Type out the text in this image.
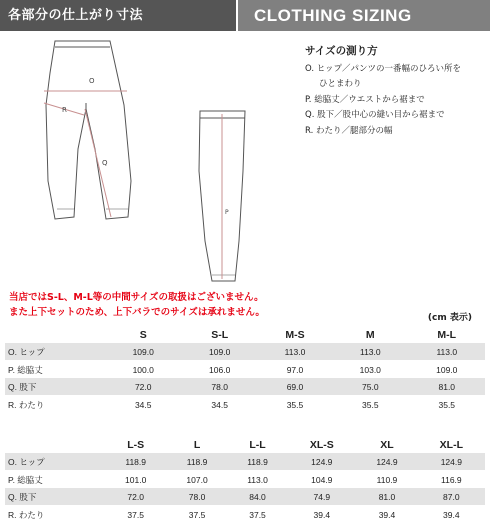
各部分の仕上がり寸法	CLOTHING SIZING
O
R
Q
P
サイズの測り方
O. ヒップ／パンツの一番幅のひろい所を
ひとまわり
P. 総脇丈／ウエストから裾まで
Q. 股下／股中心の縫い目から裾まで
R. わたり／腿部分の幅
当店ではS-L、M-L等の中間サイズの取扱はございません。
また上下セットのため、上下バラでのサイズは承れません。	(cm 表示)
	S	S-L	M-S	M	M-L
O. ヒップ	109.0	109.0	113.0	113.0	113.0
P. 総脇丈	100.0	106.0	97.0	103.0	109.0
Q. 股下	72.0	78.0	69.0	75.0	81.0
R. わたり	34.5	34.5	35.5	35.5	35.5
	L-S	L	L-L	XL-S	XL	XL-L
O. ヒップ	118.9	118.9	118.9	124.9	124.9	124.9
P. 総脇丈	101.0	107.0	113.0	104.9	110.9	116.9
Q. 股下	72.0	78.0	84.0	74.9	81.0	87.0
R. わたり	37.5	37.5	37.5	39.4	39.4	39.4
